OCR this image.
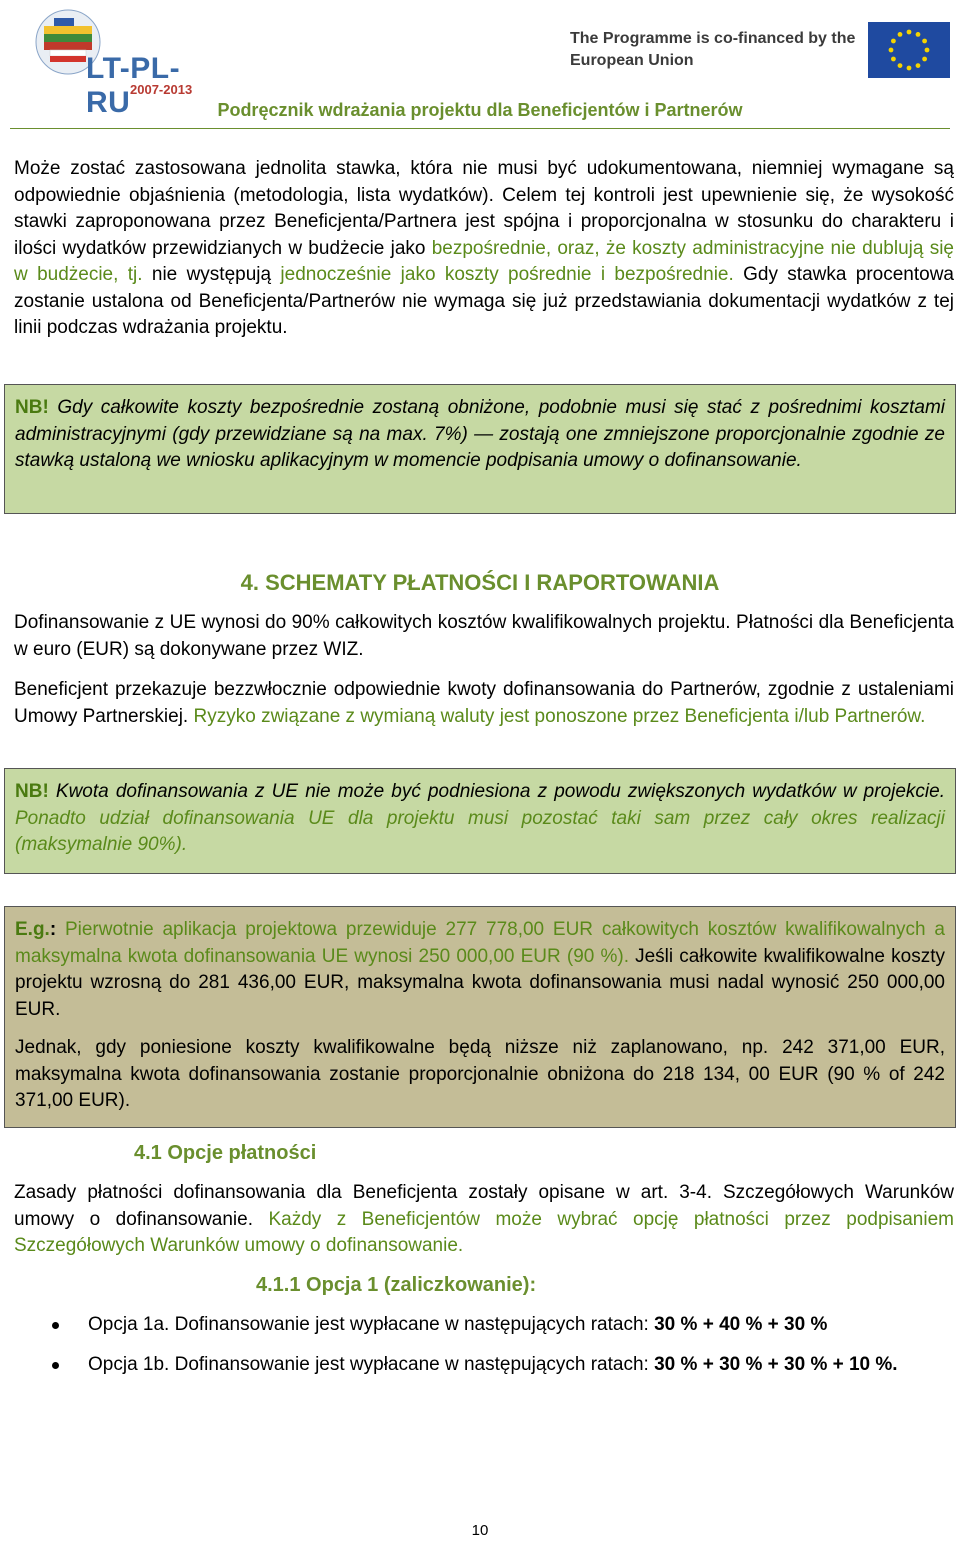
LT-PL-RU 2007-2013
The Programme is co-financed by the
European Union
Podręcznik wdrażania projektu dla Beneficjentów i Partnerów

Może zostać zastosowana jednolita stawka, która nie musi być udokumentowana, niemniej wymagane są odpowiednie objaśnienia (metodologia, lista wydatków). Celem tej kontroli jest upewnienie się, że wysokość stawki zaproponowana przez Beneficjenta/Partnera jest spójna i proporcjonalna w stosunku do charakteru i ilości wydatków przewidzianych w budżecie jako bezpośrednie, oraz, że koszty administracyjne nie dublują się w budżecie, tj. nie występują jednocześnie jako koszty pośrednie i bezpośrednie. Gdy stawka procentowa zostanie ustalona od Beneficjenta/Partnerów nie wymaga się już przedstawiania dokumentacji wydatków z tej linii podczas wdrażania projektu.

NB! Gdy całkowite koszty bezpośrednie zostaną obniżone, podobnie musi się stać z pośrednimi kosztami administracyjnymi (gdy przewidziane są na max. 7%) — zostają one zmniejszone proporcjonalnie zgodnie ze stawką ustaloną we wniosku aplikacyjnym w momencie podpisania umowy o dofinansowanie.

4. SCHEMATY PŁATNOŚCI I RAPORTOWANIA

Dofinansowanie z UE wynosi do 90% całkowitych kosztów kwalifikowalnych projektu. Płatności dla Beneficjenta w euro (EUR) są dokonywane przez WIZ.

Beneficjent przekazuje bezzwłocznie odpowiednie kwoty dofinansowania do Partnerów, zgodnie z ustaleniami Umowy Partnerskiej. Ryzyko związane z wymianą waluty jest ponoszone przez Beneficjenta i/lub Partnerów.

NB! Kwota dofinansowania z UE nie może być podniesiona z powodu zwiększonych wydatków w projekcie. Ponadto udział dofinansowania UE dla projektu musi pozostać taki sam przez cały okres realizacji (maksymalnie 90%).

E.g.: Pierwotnie aplikacja projektowa przewiduje 277 778,00 EUR całkowitych kosztów kwalifikowalnych a maksymalna kwota dofinansowania UE wynosi 250 000,00 EUR (90 %). Jeśli całkowite kwalifikowalne koszty projektu wzrosną do 281 436,00 EUR, maksymalna kwota dofinansowania musi nadal wynosić 250 000,00 EUR.

Jednak, gdy poniesione koszty kwalifikowalne będą niższe niż zaplanowano, np. 242 371,00 EUR, maksymalna kwota dofinansowania zostanie proporcjonalnie obniżona do 218 134, 00 EUR (90 % of 242 371,00 EUR).

4.1 Opcje płatności

Zasady płatności dofinansowania dla Beneficjenta zostały opisane w art. 3-4. Szczegółowych Warunków umowy o dofinansowanie. Każdy z Beneficjentów może wybrać opcję płatności przez podpisaniem Szczegółowych Warunków umowy o dofinansowanie.

4.1.1 Opcja 1 (zaliczkowanie):
Opcja 1a. Dofinansowanie jest wypłacane w następujących ratach: 30 % + 40 % + 30 %
Opcja 1b. Dofinansowanie jest wypłacane w następujących ratach: 30 % + 30 % + 30 % + 10 %.
10
